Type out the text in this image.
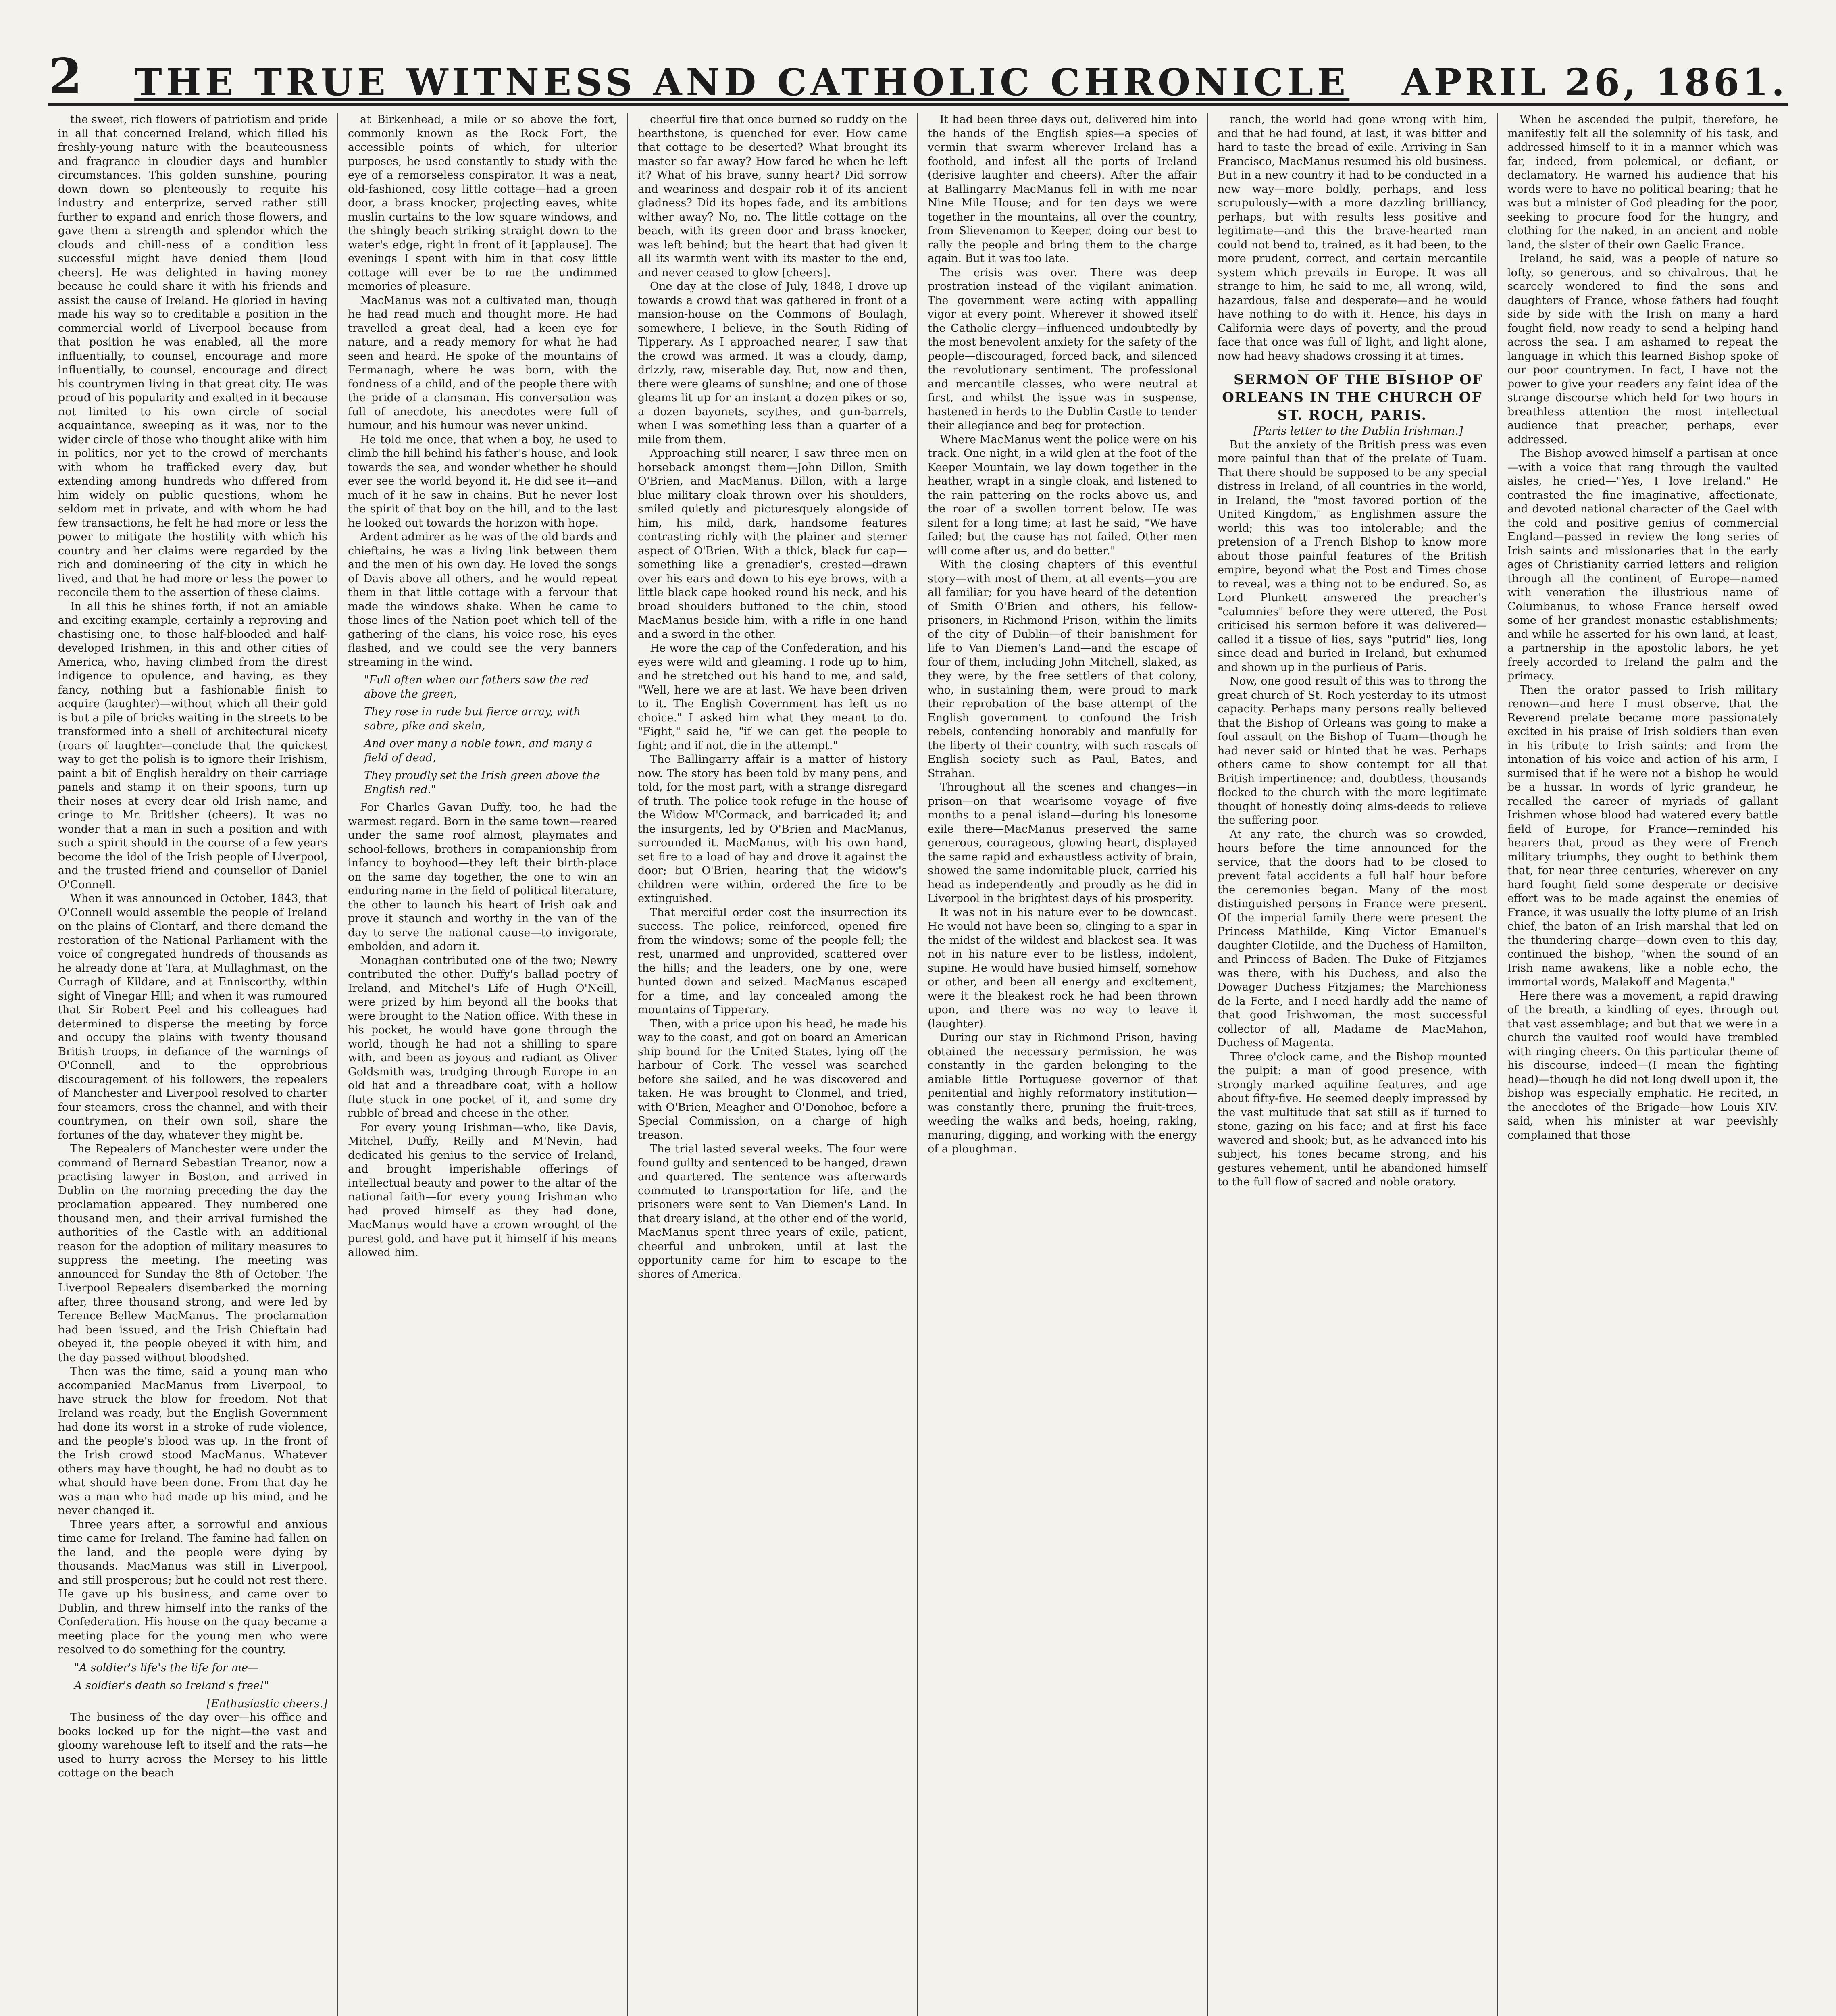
2 THE TRUE WITNESS AND CATHOLIC CHRONICLE APRIL 26, 1861.

the sweet, rich flowers of patriotism and pride in all that concerned Ireland, which filled his freshly-young nature with the beauteousness and fragrance in cloudier days and humbler circumstances. This golden sunshine, pouring down down so plenteously to requite his industry and enterprize, served rather still further to expand and enrich those flowers, and gave them a strength and splendor which the clouds and chill-ness of a condition less successful might have denied them [loud cheers]. He was delighted in having money because he could share it with his friends and assist the cause of Ireland. He gloried in having made his way so to creditable a position in the commercial world of Liverpool because from that position he was enabled, all the more influentially, to counsel, encourage and more influentially, to counsel, encourage and direct his countrymen living in that great city. He was proud of his popularity and exalted in it because not limited to his own circle of social acquaintance, sweeping as it was, nor to the wider circle of those who thought alike with him in politics, nor yet to the crowd of merchants with whom he trafficked every day, but extending among hundreds who differed from him widely on public questions, whom he seldom met in private, and with whom he had few transactions, he felt he had more or less the power to mitigate the hostility with which his country and her claims were regarded by the rich and domineering of the city in which he lived, and that he had more or less the power to reconcile them to the assertion of these claims.

In all this he shines forth, if not an amiable and exciting example, certainly a reproving and chastising one, to those half-blooded and half-developed Irishmen, in this and other cities of America, who, having climbed from the direst indigence to opulence, and having, as they fancy, nothing but a fashionable finish to acquire (laughter)—without which all their gold is but a pile of bricks waiting in the streets to be transformed into a shell of architectural nicety (roars of laughter—conclude that the quickest way to get the polish is to ignore their Irishism, paint a bit of English heraldry on their carriage panels and stamp it on their spoons, turn up their noses at every dear old Irish name, and cringe to Mr. Britisher (cheers). It was no wonder that a man in such a position and with such a spirit should in the course of a few years become the idol of the Irish people of Liverpool, and the trusted friend and counsellor of Daniel O'Connell.

When it was announced in October, 1843, that O'Connell would assemble the people of Ireland on the plains of Clontarf, and there demand the restoration of the National Parliament with the voice of congregated hundreds of thousands as he already done at Tara, at Mullaghmast, on the Curragh of Kildare, and at Enniscorthy, within sight of Vinegar Hill; and when it was rumoured that Sir Robert Peel and his colleagues had determined to disperse the meeting by force and occupy the plains with twenty thousand British troops, in defiance of the warnings of O'Connell, and to the opprobrious discouragement of his followers, the repealers of Manchester and Liverpool resolved to charter four steamers, cross the channel, and with their countrymen, on their own soil, share the fortunes of the day, whatever they might be.

The Repealers of Manchester were under the command of Bernard Sebastian Treanor, now a practising lawyer in Boston, and arrived in Dublin on the morning preceding the day the proclamation appeared. They numbered one thousand men, and their arrival furnished the authorities of the Castle with an additional reason for the adoption of military measures to suppress the meeting. The meeting was announced for Sunday the 8th of October. The Liverpool Repealers disembarked the morning after, three thousand strong, and were led by Terence Bellew MacManus. The proclamation had been issued, and the Irish Chieftain had obeyed it, the people obeyed it with him, and the day passed without bloodshed.

Then was the time, said a young man who accompanied MacManus from Liverpool, to have struck the blow for freedom. Not that Ireland was ready, but the English Government had done its worst in a stroke of rude violence, and the people's blood was up. In the front of the Irish crowd stood MacManus. Whatever others may have thought, he had no doubt as to what should have been done. From that day he was a man who had made up his mind, and he never changed it.

Three years after, a sorrowful and anxious time came for Ireland. The famine had fallen on the land, and the people were dying by thousands. MacManus was still in Liverpool, and still prosperous; but he could not rest there. He gave up his business, and came over to Dublin, and threw himself into the ranks of the Confederation. His house on the quay became a meeting place for the young men who were resolved to do something for the country.

"A soldier's life's the life for me—

A soldier's death so Ireland's free!"

[Enthusiastic cheers.]

The business of the day over—his office and books locked up for the night—the vast and gloomy warehouse left to itself and the rats—he used to hurry across the Mersey to his little cottage on the beach

at Birkenhead, a mile or so above the fort, commonly known as the Rock Fort, the accessible points of which, for ulterior purposes, he used constantly to study with the eye of a remorseless conspirator. It was a neat, old-fashioned, cosy little cottage—had a green door, a brass knocker, projecting eaves, white muslin curtains to the low square windows, and the shingly beach striking straight down to the water's edge, right in front of it [applause]. The evenings I spent with him in that cosy little cottage will ever be to me the undimmed memories of pleasure.

MacManus was not a cultivated man, though he had read much and thought more. He had travelled a great deal, had a keen eye for nature, and a ready memory for what he had seen and heard. He spoke of the mountains of Fermanagh, where he was born, with the fondness of a child, and of the people there with the pride of a clansman. His conversation was full of anecdote, his anecdotes were full of humour, and his humour was never unkind.

He told me once, that when a boy, he used to climb the hill behind his father's house, and look towards the sea, and wonder whether he should ever see the world beyond it. He did see it—and much of it he saw in chains. But he never lost the spirit of that boy on the hill, and to the last he looked out towards the horizon with hope.

Ardent admirer as he was of the old bards and chieftains, he was a living link between them and the men of his own day. He loved the songs of Davis above all others, and he would repeat them in that little cottage with a fervour that made the windows shake. When he came to those lines of the Nation poet which tell of the gathering of the clans, his voice rose, his eyes flashed, and we could see the very banners streaming in the wind.

"Full often when our fathers saw the red above the green,

They rose in rude but fierce array, with sabre, pike and skein,

And over many a noble town, and many a field of dead,

They proudly set the Irish green above the English red."

For Charles Gavan Duffy, too, he had the warmest regard. Born in the same town—reared under the same roof almost, playmates and school-fellows, brothers in companionship from infancy to boyhood—they left their birth-place on the same day together, the one to win an enduring name in the field of political literature, the other to launch his heart of Irish oak and prove it staunch and worthy in the van of the day to serve the national cause—to invigorate, embolden, and adorn it.

Monaghan contributed one of the two; Newry contributed the other. Duffy's ballad poetry of Ireland, and Mitchel's Life of Hugh O'Neill, were prized by him beyond all the books that were brought to the Nation office. With these in his pocket, he would have gone through the world, though he had not a shilling to spare with, and been as joyous and radiant as Oliver Goldsmith was, trudging through Europe in an old hat and a threadbare coat, with a hollow flute stuck in one pocket of it, and some dry rubble of bread and cheese in the other.

For every young Irishman—who, like Davis, Mitchel, Duffy, Reilly and M'Nevin, had dedicated his genius to the service of Ireland, and brought imperishable offerings of intellectual beauty and power to the altar of the national faith—for every young Irishman who had proved himself as they had done, MacManus would have a crown wrought of the purest gold, and have put it himself if his means allowed him.

cheerful fire that once burned so ruddy on the hearthstone, is quenched for ever. How came that cottage to be deserted? What brought its master so far away? How fared he when he left it? What of his brave, sunny heart? Did sorrow and weariness and despair rob it of its ancient gladness? Did its hopes fade, and its ambitions wither away? No, no. The little cottage on the beach, with its green door and brass knocker, was left behind; but the heart that had given it all its warmth went with its master to the end, and never ceased to glow [cheers].

One day at the close of July, 1848, I drove up towards a crowd that was gathered in front of a mansion-house on the Commons of Boulagh, somewhere, I believe, in the South Riding of Tipperary. As I approached nearer, I saw that the crowd was armed. It was a cloudy, damp, drizzly, raw, miserable day. But, now and then, there were gleams of sunshine; and one of those gleams lit up for an instant a dozen pikes or so, a dozen bayonets, scythes, and gun-barrels, when I was something less than a quarter of a mile from them.

Approaching still nearer, I saw three men on horseback amongst them—John Dillon, Smith O'Brien, and MacManus. Dillon, with a large blue military cloak thrown over his shoulders, smiled quietly and picturesquely alongside of him, his mild, dark, handsome features contrasting richly with the plainer and sterner aspect of O'Brien. With a thick, black fur cap—something like a grenadier's, crested—drawn over his ears and down to his eye brows, with a little black cape hooked round his neck, and his broad shoulders buttoned to the chin, stood MacManus beside him, with a rifle in one hand and a sword in the other.

He wore the cap of the Confederation, and his eyes were wild and gleaming. I rode up to him, and he stretched out his hand to me, and said, "Well, here we are at last. We have been driven to it. The English Government has left us no choice." I asked him what they meant to do. "Fight," said he, "if we can get the people to fight; and if not, die in the attempt."

The Ballingarry affair is a matter of history now. The story has been told by many pens, and told, for the most part, with a strange disregard of truth. The police took refuge in the house of the Widow M'Cormack, and barricaded it; and the insurgents, led by O'Brien and MacManus, surrounded it. MacManus, with his own hand, set fire to a load of hay and drove it against the door; but O'Brien, hearing that the widow's children were within, ordered the fire to be extinguished.

That merciful order cost the insurrection its success. The police, reinforced, opened fire from the windows; some of the people fell; the rest, unarmed and unprovided, scattered over the hills; and the leaders, one by one, were hunted down and seized. MacManus escaped for a time, and lay concealed among the mountains of Tipperary.

Then, with a price upon his head, he made his way to the coast, and got on board an American ship bound for the United States, lying off the harbour of Cork. The vessel was searched before she sailed, and he was discovered and taken. He was brought to Clonmel, and tried, with O'Brien, Meagher and O'Donohoe, before a Special Commission, on a charge of high treason.

The trial lasted several weeks. The four were found guilty and sentenced to be hanged, drawn and quartered. The sentence was afterwards commuted to transportation for life, and the prisoners were sent to Van Diemen's Land. In that dreary island, at the other end of the world, MacManus spent three years of exile, patient, cheerful and unbroken, until at last the opportunity came for him to escape to the shores of America.

It had been three days out, delivered him into the hands of the English spies—a species of vermin that swarm wherever Ireland has a foothold, and infest all the ports of Ireland (derisive laughter and cheers). After the affair at Ballingarry MacManus fell in with me near Nine Mile House; and for ten days we were together in the mountains, all over the country, from Slievenamon to Keeper, doing our best to rally the people and bring them to the charge again. But it was too late.

The crisis was over. There was deep prostration instead of the vigilant animation. The government were acting with appalling vigor at every point. Wherever it showed itself the Catholic clergy—influenced undoubtedly by the most benevolent anxiety for the safety of the people—discouraged, forced back, and silenced the revolutionary sentiment. The professional and mercantile classes, who were neutral at first, and whilst the issue was in suspense, hastened in herds to the Dublin Castle to tender their allegiance and beg for protection.

Where MacManus went the police were on his track. One night, in a wild glen at the foot of the Keeper Mountain, we lay down together in the heather, wrapt in a single cloak, and listened to the rain pattering on the rocks above us, and the roar of a swollen torrent below. He was silent for a long time; at last he said, "We have failed; but the cause has not failed. Other men will come after us, and do better."

With the closing chapters of this eventful story—with most of them, at all events—you are all familiar; for you have heard of the detention of Smith O'Brien and others, his fellow-prisoners, in Richmond Prison, within the limits of the city of Dublin—of their banishment for life to Van Diemen's Land—and the escape of four of them, including John Mitchell, slaked, as they were, by the free settlers of that colony, who, in sustaining them, were proud to mark their reprobation of the base attempt of the English government to confound the Irish rebels, contending honorably and manfully for the liberty of their country, with such rascals of English society such as Paul, Bates, and Strahan.

Throughout all the scenes and changes—in prison—on that wearisome voyage of five months to a penal island—during his lonesome exile there—MacManus preserved the same generous, courageous, glowing heart, displayed the same rapid and exhaustless activity of brain, showed the same indomitable pluck, carried his head as independently and proudly as he did in Liverpool in the brightest days of his prosperity.

It was not in his nature ever to be downcast. He would not have been so, clinging to a spar in the midst of the wildest and blackest sea. It was not in his nature ever to be listless, indolent, supine. He would have busied himself, somehow or other, and been all energy and excitement, were it the bleakest rock he had been thrown upon, and there was no way to leave it (laughter).

During our stay in Richmond Prison, having obtained the necessary permission, he was constantly in the garden belonging to the amiable little Portuguese governor of that penitential and highly reformatory institution—was constantly there, pruning the fruit-trees, weeding the walks and beds, hoeing, raking, manuring, digging, and working with the energy of a ploughman.

ranch, the world had gone wrong with him, and that he had found, at last, it was bitter and hard to taste the bread of exile. Arriving in San Francisco, MacManus resumed his old business. But in a new country it had to be conducted in a new way—more boldly, perhaps, and less scrupulously—with a more dazzling brilliancy, perhaps, but with results less positive and legitimate—and this the brave-hearted man could not bend to, trained, as it had been, to the more prudent, correct, and certain mercantile system which prevails in Europe. It was all strange to him, he said to me, all wrong, wild, hazardous, false and desperate—and he would have nothing to do with it. Hence, his days in California were days of poverty, and the proud face that once was full of light, and light alone, now had heavy shadows crossing it at times.

SERMON OF THE BISHOP OF ORLEANS IN THE CHURCH OF ST. ROCH, PARIS.

[Paris letter to the Dublin Irishman.]

But the anxiety of the British press was even more painful than that of the prelate of Tuam. That there should be supposed to be any special distress in Ireland, of all countries in the world, in Ireland, the "most favored portion of the United Kingdom," as Englishmen assure the world; this was too intolerable; and the pretension of a French Bishop to know more about those painful features of the British empire, beyond what the Post and Times chose to reveal, was a thing not to be endured. So, as Lord Plunkett answered the preacher's "calumnies" before they were uttered, the Post criticised his sermon before it was delivered—called it a tissue of lies, says "putrid" lies, long since dead and buried in Ireland, but exhumed and shown up in the purlieus of Paris.

Now, one good result of this was to throng the great church of St. Roch yesterday to its utmost capacity. Perhaps many persons really believed that the Bishop of Orleans was going to make a foul assault on the Bishop of Tuam—though he had never said or hinted that he was. Perhaps others came to show contempt for all that British impertinence; and, doubtless, thousands flocked to the church with the more legitimate thought of honestly doing alms-deeds to relieve the suffering poor.

At any rate, the church was so crowded, hours before the time announced for the service, that the doors had to be closed to prevent fatal accidents a full half hour before the ceremonies began. Many of the most distinguished persons in France were present. Of the imperial family there were present the Princess Mathilde, King Victor Emanuel's daughter Clotilde, and the Duchess of Hamilton, and Princess of Baden. The Duke of Fitzjames was there, with his Duchess, and also the Dowager Duchess Fitzjames; the Marchioness de la Ferte, and I need hardly add the name of that good Irishwoman, the most successful collector of all, Madame de MacMahon, Duchess of Magenta.

Three o'clock came, and the Bishop mounted the pulpit: a man of good presence, with strongly marked aquiline features, and age about fifty-five. He seemed deeply impressed by the vast multitude that sat still as if turned to stone, gazing on his face; and at first his face wavered and shook; but, as he advanced into his subject, his tones became strong, and his gestures vehement, until he abandoned himself to the full flow of sacred and noble oratory.

When he ascended the pulpit, therefore, he manifestly felt all the solemnity of his task, and addressed himself to it in a manner which was far, indeed, from polemical, or defiant, or declamatory. He warned his audience that his words were to have no political bearing; that he was but a minister of God pleading for the poor, seeking to procure food for the hungry, and clothing for the naked, in an ancient and noble land, the sister of their own Gaelic France.

Ireland, he said, was a people of nature so lofty, so generous, and so chivalrous, that he scarcely wondered to find the sons and daughters of France, whose fathers had fought side by side with the Irish on many a hard fought field, now ready to send a helping hand across the sea. I am ashamed to repeat the language in which this learned Bishop spoke of our poor countrymen. In fact, I have not the power to give your readers any faint idea of the strange discourse which held for two hours in breathless attention the most intellectual audience that preacher, perhaps, ever addressed.

The Bishop avowed himself a partisan at once—with a voice that rang through the vaulted aisles, he cried—"Yes, I love Ireland." He contrasted the fine imaginative, affectionate, and devoted national character of the Gael with the cold and positive genius of commercial England—passed in review the long series of Irish saints and missionaries that in the early ages of Christianity carried letters and religion through all the continent of Europe—named with veneration the illustrious name of Columbanus, to whose France herself owed some of her grandest monastic establishments; and while he asserted for his own land, at least, a partnership in the apostolic labors, he yet freely accorded to Ireland the palm and the primacy.

Then the orator passed to Irish military renown—and here I must observe, that the Reverend prelate became more passionately excited in his praise of Irish soldiers than even in his tribute to Irish saints; and from the intonation of his voice and action of his arm, I surmised that if he were not a bishop he would be a hussar. In words of lyric grandeur, he recalled the career of myriads of gallant Irishmen whose blood had watered every battle field of Europe, for France—reminded his hearers that, proud as they were of French military triumphs, they ought to bethink them that, for near three centuries, wherever on any hard fought field some desperate or decisive effort was to be made against the enemies of France, it was usually the lofty plume of an Irish chief, the baton of an Irish marshal that led on the thundering charge—down even to this day, continued the bishop, "when the sound of an Irish name awakens, like a noble echo, the immortal words, Malakoff and Magenta."

Here there was a movement, a rapid drawing of the breath, a kindling of eyes, through out that vast assemblage; and but that we were in a church the vaulted roof would have trembled with ringing cheers. On this particular theme of his discourse, indeed—(I mean the fighting head)—though he did not long dwell upon it, the bishop was especially emphatic. He recited, in the anecdotes of the Brigade—how Louis XIV. said, when his minister at war peevishly complained that those
